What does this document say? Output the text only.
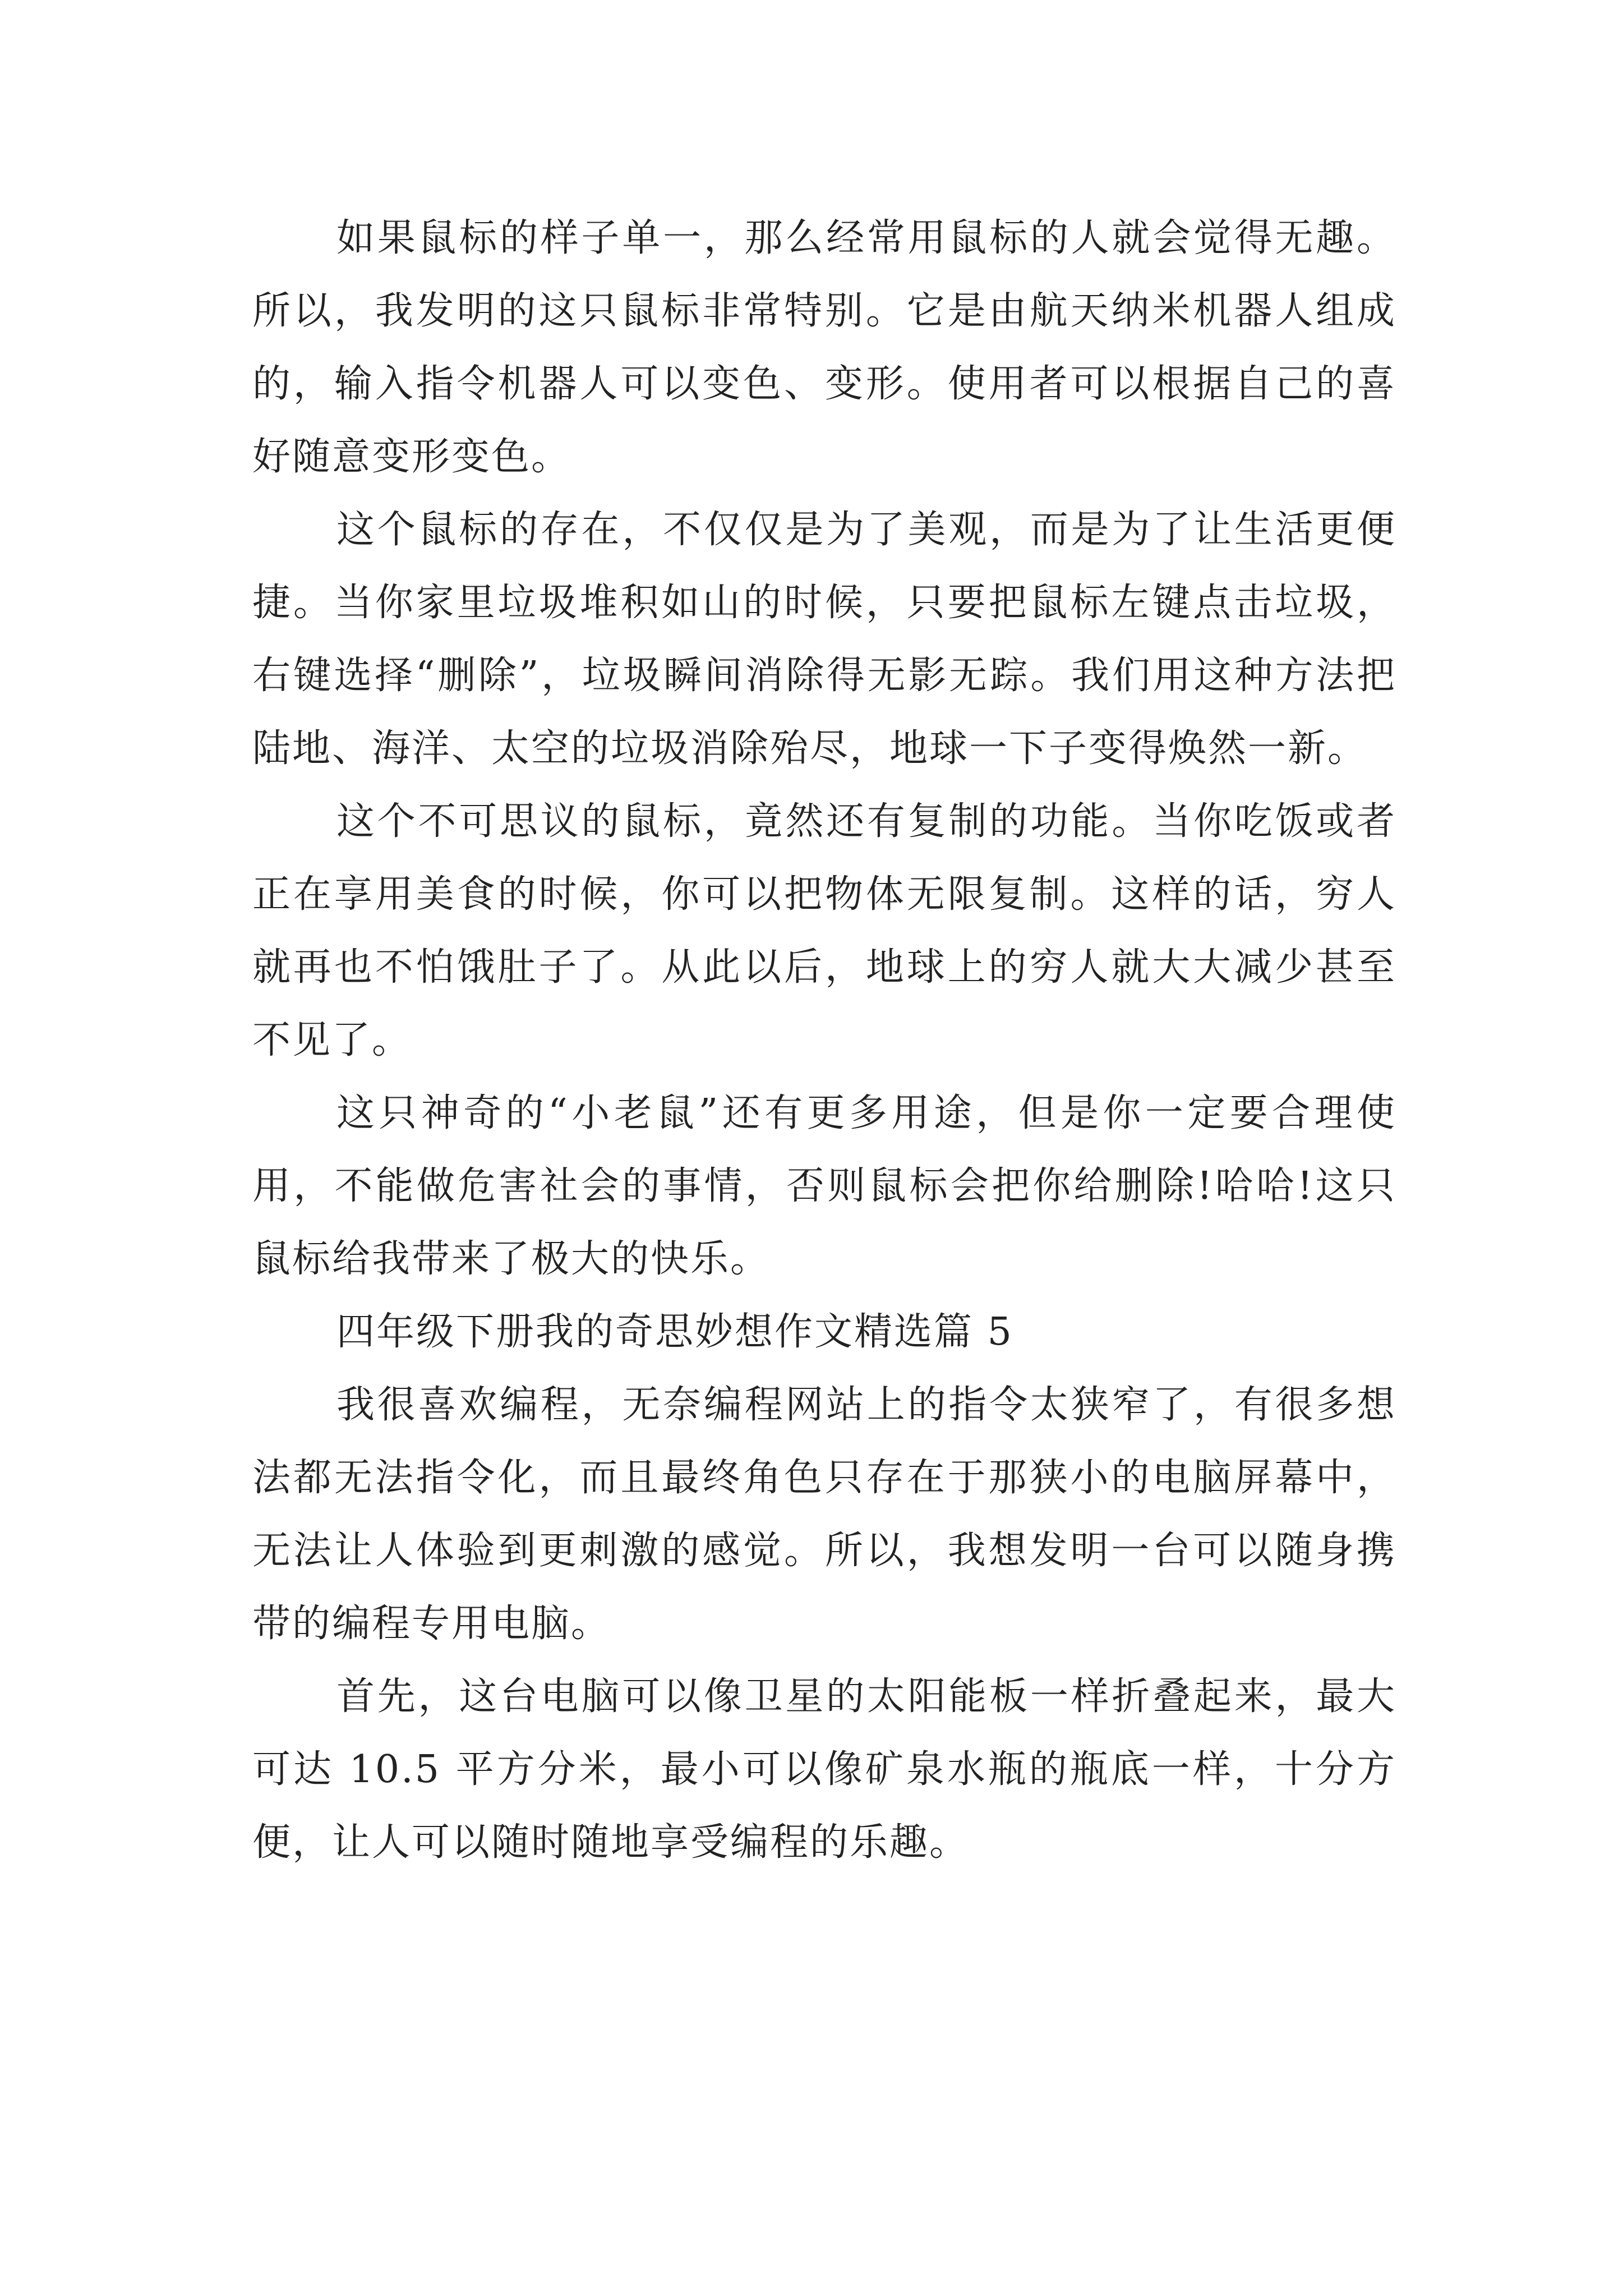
如果鼠标的样子单一，那么经常用鼠标的人就会觉得无趣。所以，我发明的这只鼠标非常特别。它是由航天纳米机器人组成的，输入指令机器人可以变色、变形。使用者可以根据自己的喜好随意变形变色。

这个鼠标的存在，不仅仅是为了美观，而是为了让生活更便捷。当你家里垃圾堆积如山的时候，只要把鼠标左键点击垃圾，右键选择“删除”，垃圾瞬间消除得无影无踪。我们用这种方法把陆地、海洋、太空的垃圾消除殆尽，地球一下子变得焕然一新。

这个不可思议的鼠标，竟然还有复制的功能。当你吃饭或者正在享用美食的时候，你可以把物体无限复制。这样的话，穷人就再也不怕饿肚子了。从此以后，地球上的穷人就大大减少甚至不见了。

这只神奇的“小老鼠”还有更多用途，但是你一定要合理使用，不能做危害社会的事情，否则鼠标会把你给删除!哈哈!这只鼠标给我带来了极大的快乐。

四年级下册我的奇思妙想作文精选篇 5

我很喜欢编程，无奈编程网站上的指令太狭窄了，有很多想法都无法指令化，而且最终角色只存在于那狭小的电脑屏幕中，无法让人体验到更刺激的感觉。所以，我想发明一台可以随身携带的编程专用电脑。

首先，这台电脑可以像卫星的太阳能板一样折叠起来，最大可达 10.5 平方分米，最小可以像矿泉水瓶的瓶底一样，十分方便，让人可以随时随地享受编程的乐趣。
